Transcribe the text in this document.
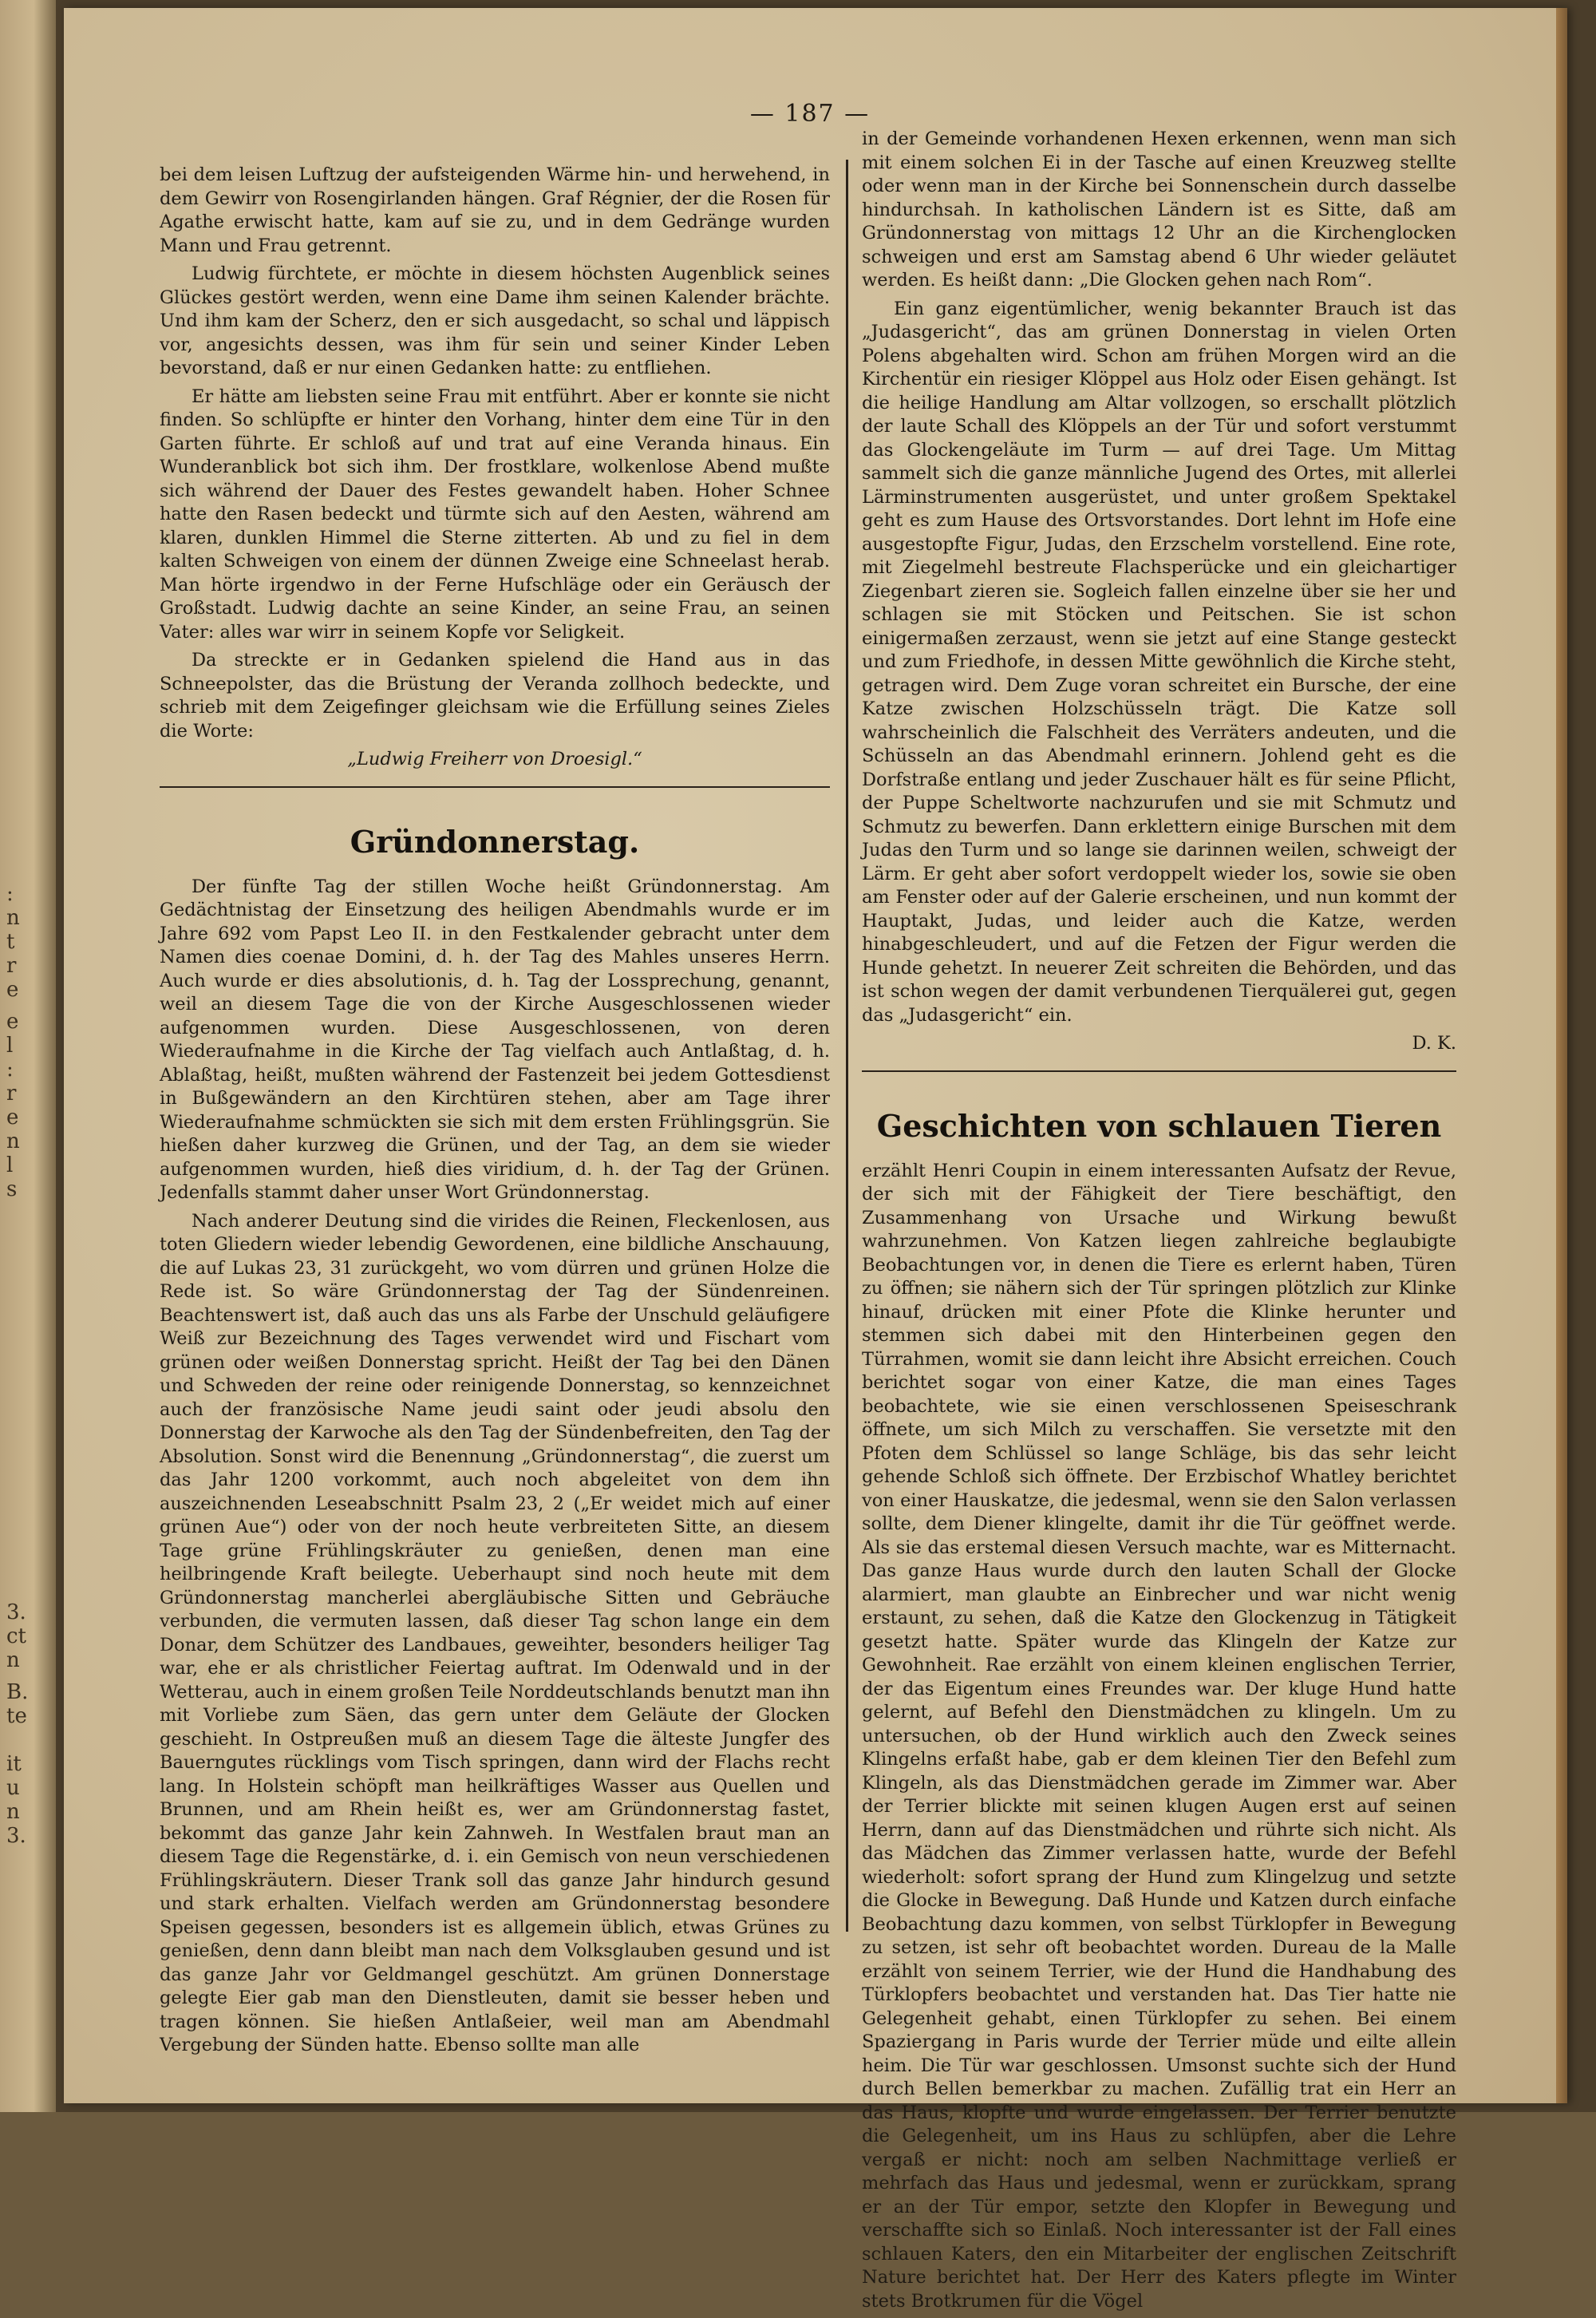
:
n
t
r
e
e
l
:
r
e
n
l
s
3.
ct
n
B.
te
it
u
n
3.
— 187 —

bei dem leisen Luftzug der aufsteigenden Wärme hin- und herwehend, in dem Gewirr von Rosengirlanden hängen. Graf Régnier, der die Rosen für Agathe erwischt hatte, kam auf sie zu, und in dem Gedränge wurden Mann und Frau getrennt.

Ludwig fürchtete, er möchte in diesem höchsten Augenblick seines Glückes gestört werden, wenn eine Dame ihm seinen Kalender brächte. Und ihm kam der Scherz, den er sich ausgedacht, so schal und läppisch vor, angesichts dessen, was ihm für sein und seiner Kinder Leben bevorstand, daß er nur einen Gedanken hatte: zu entfliehen.

Er hätte am liebsten seine Frau mit entführt. Aber er konnte sie nicht finden. So schlüpfte er hinter den Vorhang, hinter dem eine Tür in den Garten führte. Er schloß auf und trat auf eine Veranda hinaus. Ein Wunderanblick bot sich ihm. Der frostklare, wolkenlose Abend mußte sich während der Dauer des Festes gewandelt haben. Hoher Schnee hatte den Rasen bedeckt und türmte sich auf den Aesten, während am klaren, dunklen Himmel die Sterne zitterten. Ab und zu fiel in dem kalten Schweigen von einem der dünnen Zweige eine Schneelast herab. Man hörte irgendwo in der Ferne Hufschläge oder ein Geräusch der Großstadt. Ludwig dachte an seine Kinder, an seine Frau, an seinen Vater: alles war wirr in seinem Kopfe vor Seligkeit.

Da streckte er in Gedanken spielend die Hand aus in das Schneepolster, das die Brüstung der Veranda zollhoch bedeckte, und schrieb mit dem Zeigefinger gleichsam wie die Erfüllung seines Zieles die Worte:

„Ludwig Freiherr von Droesigl.“

Gründonnerstag.

Der fünfte Tag der stillen Woche heißt Gründonnerstag. Am Gedächtnistag der Einsetzung des heiligen Abendmahls wurde er im Jahre 692 vom Papst Leo II. in den Festkalender gebracht unter dem Namen dies coenae Domini, d. h. der Tag des Mahles unseres Herrn. Auch wurde er dies absolutionis, d. h. Tag der Lossprechung, genannt, weil an diesem Tage die von der Kirche Ausgeschlossenen wieder aufgenommen wurden. Diese Ausgeschlossenen, von deren Wiederaufnahme in die Kirche der Tag vielfach auch Antlaßtag, d. h. Ablaßtag, heißt, mußten während der Fastenzeit bei jedem Gottesdienst in Bußgewändern an den Kirchtüren stehen, aber am Tage ihrer Wiederaufnahme schmückten sie sich mit dem ersten Frühlingsgrün. Sie hießen daher kurzweg die Grünen, und der Tag, an dem sie wieder aufgenommen wurden, hieß dies viridium, d. h. der Tag der Grünen. Jedenfalls stammt daher unser Wort Gründonnerstag.

Nach anderer Deutung sind die virides die Reinen, Fleckenlosen, aus toten Gliedern wieder lebendig Gewordenen, eine bildliche Anschauung, die auf Lukas 23, 31 zurückgeht, wo vom dürren und grünen Holze die Rede ist. So wäre Gründonnerstag der Tag der Sündenreinen. Beachtenswert ist, daß auch das uns als Farbe der Unschuld geläufigere Weiß zur Bezeichnung des Tages verwendet wird und Fischart vom grünen oder weißen Donnerstag spricht. Heißt der Tag bei den Dänen und Schweden der reine oder reinigende Donnerstag, so kennzeichnet auch der französische Name jeudi saint oder jeudi absolu den Donnerstag der Karwoche als den Tag der Sündenbefreiten, den Tag der Absolution. Sonst wird die Benennung „Gründonnerstag“, die zuerst um das Jahr 1200 vorkommt, auch noch abgeleitet von dem ihn auszeichnenden Leseabschnitt Psalm 23, 2 („Er weidet mich auf einer grünen Aue“) oder von der noch heute verbreiteten Sitte, an diesem Tage grüne Frühlingskräuter zu genießen, denen man eine heilbringende Kraft beilegte. Ueberhaupt sind noch heute mit dem Gründonnerstag mancherlei abergläubische Sitten und Gebräuche verbunden, die vermuten lassen, daß dieser Tag schon lange ein dem Donar, dem Schützer des Landbaues, geweihter, besonders heiliger Tag war, ehe er als christlicher Feiertag auftrat. Im Odenwald und in der Wetterau, auch in einem großen Teile Norddeutschlands benutzt man ihn mit Vorliebe zum Säen, das gern unter dem Geläute der Glocken geschieht. In Ostpreußen muß an diesem Tage die älteste Jungfer des Bauerngutes rücklings vom Tisch springen, dann wird der Flachs recht lang. In Holstein schöpft man heilkräftiges Wasser aus Quellen und Brunnen, und am Rhein heißt es, wer am Gründonnerstag fastet, bekommt das ganze Jahr kein Zahnweh. In Westfalen braut man an diesem Tage die Regenstärke, d. i. ein Gemisch von neun verschiedenen Frühlingskräutern. Dieser Trank soll das ganze Jahr hindurch gesund und stark erhalten. Vielfach werden am Gründonnerstag besondere Speisen gegessen, besonders ist es allgemein üblich, etwas Grünes zu genießen, denn dann bleibt man nach dem Volksglauben gesund und ist das ganze Jahr vor Geldmangel geschützt. Am grünen Donnerstage gelegte Eier gab man den Dienstleuten, damit sie besser heben und tragen können. Sie hießen Antlaßeier, weil man am Abendmahl Vergebung der Sünden hatte. Ebenso sollte man alle

in der Gemeinde vorhandenen Hexen erkennen, wenn man sich mit einem solchen Ei in der Tasche auf einen Kreuzweg stellte oder wenn man in der Kirche bei Sonnenschein durch dasselbe hindurchsah. In katholischen Ländern ist es Sitte, daß am Gründonnerstag von mittags 12 Uhr an die Kirchenglocken schweigen und erst am Samstag abend 6 Uhr wieder geläutet werden. Es heißt dann: „Die Glocken gehen nach Rom“.

Ein ganz eigentümlicher, wenig bekannter Brauch ist das „Judasgericht“, das am grünen Donnerstag in vielen Orten Polens abgehalten wird. Schon am frühen Morgen wird an die Kirchentür ein riesiger Klöppel aus Holz oder Eisen gehängt. Ist die heilige Handlung am Altar vollzogen, so erschallt plötzlich der laute Schall des Klöppels an der Tür und sofort verstummt das Glockengeläute im Turm — auf drei Tage. Um Mittag sammelt sich die ganze männliche Jugend des Ortes, mit allerlei Lärminstrumenten ausgerüstet, und unter großem Spektakel geht es zum Hause des Ortsvorstandes. Dort lehnt im Hofe eine ausgestopfte Figur, Judas, den Erzschelm vorstellend. Eine rote, mit Ziegelmehl bestreute Flachsperücke und ein gleichartiger Ziegenbart zieren sie. Sogleich fallen einzelne über sie her und schlagen sie mit Stöcken und Peitschen. Sie ist schon einigermaßen zerzaust, wenn sie jetzt auf eine Stange gesteckt und zum Friedhofe, in dessen Mitte gewöhnlich die Kirche steht, getragen wird. Dem Zuge voran schreitet ein Bursche, der eine Katze zwischen Holzschüsseln trägt. Die Katze soll wahrscheinlich die Falschheit des Verräters andeuten, und die Schüsseln an das Abendmahl erinnern. Johlend geht es die Dorfstraße entlang und jeder Zuschauer hält es für seine Pflicht, der Puppe Scheltworte nachzurufen und sie mit Schmutz und Schmutz zu bewerfen. Dann erklettern einige Burschen mit dem Judas den Turm und so lange sie darinnen weilen, schweigt der Lärm. Er geht aber sofort verdoppelt wieder los, sowie sie oben am Fenster oder auf der Galerie erscheinen, und nun kommt der Hauptakt, Judas, und leider auch die Katze, werden hinabgeschleudert, und auf die Fetzen der Figur werden die Hunde gehetzt. In neuerer Zeit schreiten die Behörden, und das ist schon wegen der damit verbundenen Tierquälerei gut, gegen das „Judasgericht“ ein.

D. K.

Geschichten von schlauen Tieren

erzählt Henri Coupin in einem interessanten Aufsatz der Revue, der sich mit der Fähigkeit der Tiere beschäftigt, den Zusammenhang von Ursache und Wirkung bewußt wahrzunehmen. Von Katzen liegen zahlreiche beglaubigte Beobachtungen vor, in denen die Tiere es erlernt haben, Türen zu öffnen; sie nähern sich der Tür springen plötzlich zur Klinke hinauf, drücken mit einer Pfote die Klinke herunter und stemmen sich dabei mit den Hinterbeinen gegen den Türrahmen, womit sie dann leicht ihre Absicht erreichen. Couch berichtet sogar von einer Katze, die man eines Tages beobachtete, wie sie einen verschlossenen Speiseschrank öffnete, um sich Milch zu verschaffen. Sie versetzte mit den Pfoten dem Schlüssel so lange Schläge, bis das sehr leicht gehende Schloß sich öffnete. Der Erzbischof Whatley berichtet von einer Hauskatze, die jedesmal, wenn sie den Salon verlassen sollte, dem Diener klingelte, damit ihr die Tür geöffnet werde. Als sie das erstemal diesen Versuch machte, war es Mitternacht. Das ganze Haus wurde durch den lauten Schall der Glocke alarmiert, man glaubte an Einbrecher und war nicht wenig erstaunt, zu sehen, daß die Katze den Glockenzug in Tätigkeit gesetzt hatte. Später wurde das Klingeln der Katze zur Gewohnheit. Rae erzählt von einem kleinen englischen Terrier, der das Eigentum eines Freundes war. Der kluge Hund hatte gelernt, auf Befehl den Dienstmädchen zu klingeln. Um zu untersuchen, ob der Hund wirklich auch den Zweck seines Klingelns erfaßt habe, gab er dem kleinen Tier den Befehl zum Klingeln, als das Dienstmädchen gerade im Zimmer war. Aber der Terrier blickte mit seinen klugen Augen erst auf seinen Herrn, dann auf das Dienstmädchen und rührte sich nicht. Als das Mädchen das Zimmer verlassen hatte, wurde der Befehl wiederholt: sofort sprang der Hund zum Klingelzug und setzte die Glocke in Bewegung. Daß Hunde und Katzen durch einfache Beobachtung dazu kommen, von selbst Türklopfer in Bewegung zu setzen, ist sehr oft beobachtet worden. Dureau de la Malle erzählt von seinem Terrier, wie der Hund die Handhabung des Türklopfers beobachtet und verstanden hat. Das Tier hatte nie Gelegenheit gehabt, einen Türklopfer zu sehen. Bei einem Spaziergang in Paris wurde der Terrier müde und eilte allein heim. Die Tür war geschlossen. Umsonst suchte sich der Hund durch Bellen bemerkbar zu machen. Zufällig trat ein Herr an das Haus, klopfte und wurde eingelassen. Der Terrier benutzte die Gelegenheit, um ins Haus zu schlüpfen, aber die Lehre vergaß er nicht: noch am selben Nachmittage verließ er mehrfach das Haus und jedesmal, wenn er zurückkam, sprang er an der Tür empor, setzte den Klopfer in Bewegung und verschaffte sich so Einlaß. Noch interessanter ist der Fall eines schlauen Katers, den ein Mitarbeiter der englischen Zeitschrift Nature berichtet hat. Der Herr des Katers pflegte im Winter stets Brotkrumen für die Vögel
